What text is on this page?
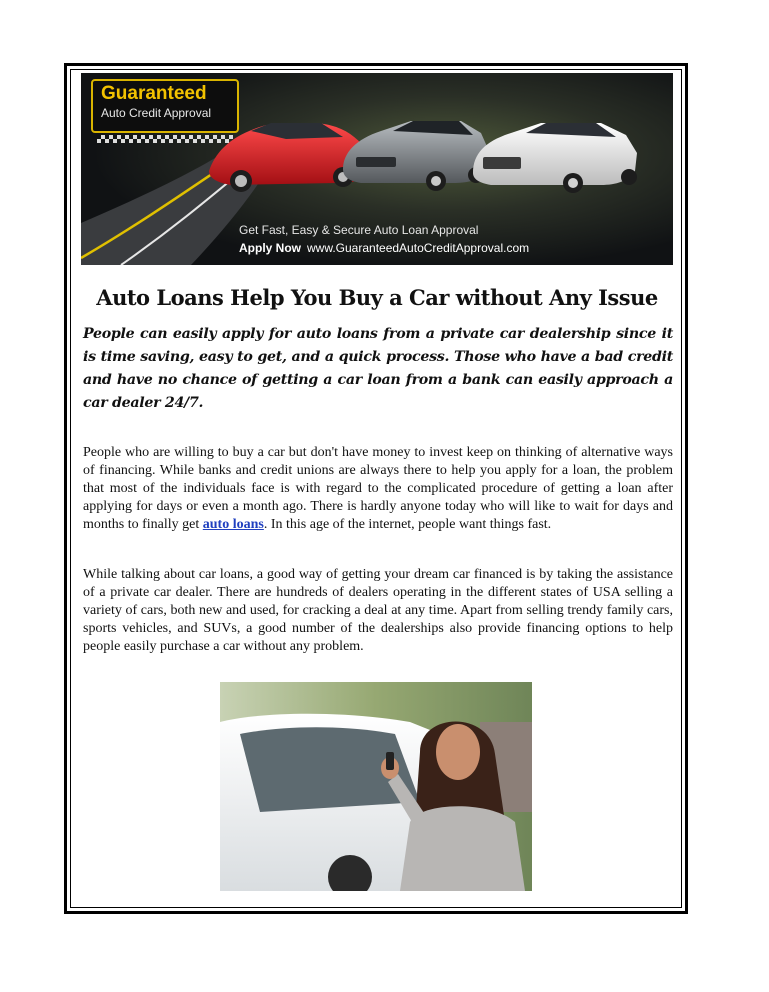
Guaranteed
Auto Credit Approval
Get Fast, Easy & Secure Auto Loan Approval
Apply Now www.GuaranteedAutoCreditApproval.com
Auto Loans Help You Buy a Car without Any Issue
People can easily apply for auto loans from a private car dealership since it is time saving, easy to get, and a quick process. Those who have a bad credit and have no chance of getting a car loan from a bank can easily approach a car dealer 24/7.
People who are willing to buy a car but don't have money to invest keep on thinking of alternative ways of financing. While banks and credit unions are always there to help you apply for a loan, the problem that most of the individuals face is with regard to the complicated procedure of getting a loan after applying for days or even a month ago. There is hardly anyone today who will like to wait for days and months to finally get auto loans. In this age of the internet, people want things fast.
While talking about car loans, a good way of getting your dream car financed is by taking the assistance of a private car dealer. There are hundreds of dealers operating in the different states of USA selling a variety of cars, both new and used, for cracking a deal at any time. Apart from selling trendy family cars, sports vehicles, and SUVs, a good number of the dealerships also provide financing options to help people easily purchase a car without any problem.
